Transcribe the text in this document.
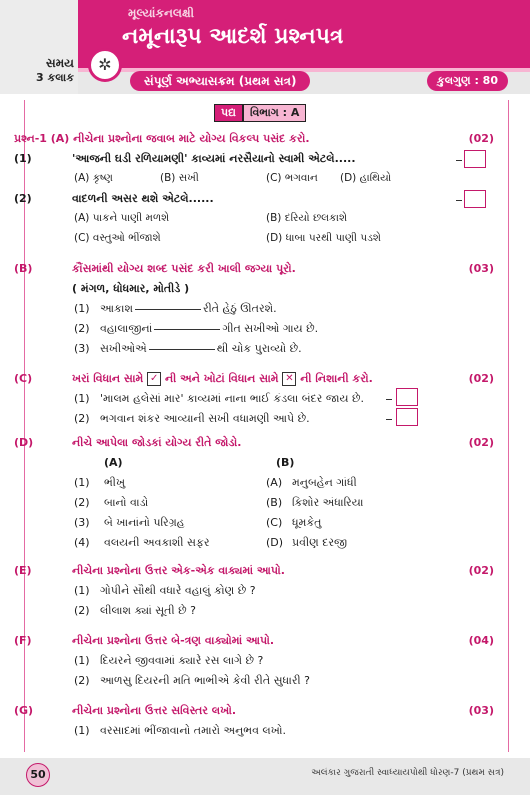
સમય
3 કલાક
✲
મૂલ્યાંકનલક્ષી
નમૂનારૂપ આદર્શ પ્રશ્નપત્ર
સંપૂર્ણ અભ્યાસક્રમ (પ્રથમ સત્ર)	કુલગુણ : 80
પદ્ય વિભાગ : A
પ્રશ્ન-1 (A) નીચેના પ્રશ્નોના જવાબ માટે યોગ્ય વિકલ્પ પસંદ કરો.	(02)
(1)	'આજની ઘડી રળિયામણી' કાવ્યમાં નરસૈયાનો સ્વામી એટલે.....
(A) કૃષ્ણ	(B) સખી	(C) ભગવાન (D) હાથિયો
(2)	વાદળની અસર થશે એટલે......
(A) પાકને પાણી મળશે	(B) દરિયો છલકાશે
(C) વસ્તુઓ ભીંજાશે	(D) ધાબા પરથી પાણી પડશે
(B)	કૌંસમાંથી યોગ્ય શબ્દ પસંદ કરી ખાલી જગ્યા પૂરો.	(03)
( મંગળ, ધોધમાર, મોતીડે )
(1) આકાશ	રીતે હેઠું ઊતરશે.
(2) વહાલાજીનાં	ગીત સખીઓ ગાય છે.
(3) સખીઓએ	થી ચોક પુરાવ્યો છે.
(C)	ખરાં વિધાન સામે ✓ ની અને ખોટાં વિધાન સામે ✕ ની નિશાની કરો.	(02)
(1) 'માલમ હલેસાં માર' કાવ્યમાં નાના ભાઈ કંડલા બંદર જાય છે.
(2) ભગવાન શંકર આવ્યાની સખી વધામણી આપે છે.
(D)	નીચે આપેલા જોડકાં યોગ્ય રીતે જોડો.	(02)
(A)	(B)
(1) ભીખુ	(A) મનુબહેન ગાંધી
(2) બાનો વાડો	(B) કિશોર અંધારિયા
(3) બે ખાનાંનો પરિગ્રહ	(C) ધૂમકેતુ
(4) વલયની અવકાશી સફર	(D) પ્રવીણ દરજી
(E)	નીચેના પ્રશ્નોના ઉત્તર એક-એક વાક્યમાં આપો.	(02)
(1) ગોપીને સૌથી વધારે વહાલું કોણ છે ?
(2) લીલાશ ક્યાં સૂતી છે ?
(F)	નીચેના પ્રશ્નોના ઉત્તર બે-ત્રણ વાક્યોમાં આપો.	(04)
(1) દિયરને જીવવામાં ક્યારે રસ લાગે છે ?
(2) આળસુ દિયરની મતિ ભાભીએ કેવી રીતે સુધારી ?
(G)	નીચેના પ્રશ્નોના ઉત્તર સવિસ્તર લખો.	(03)
(1) વરસાદમાં ભીંજાવાનો તમારો અનુભવ લખો.
50	અલંકાર ગુજરાતી સ્વાધ્યાયપોથી ધોરણ-7 (પ્રથમ સત્ર)
